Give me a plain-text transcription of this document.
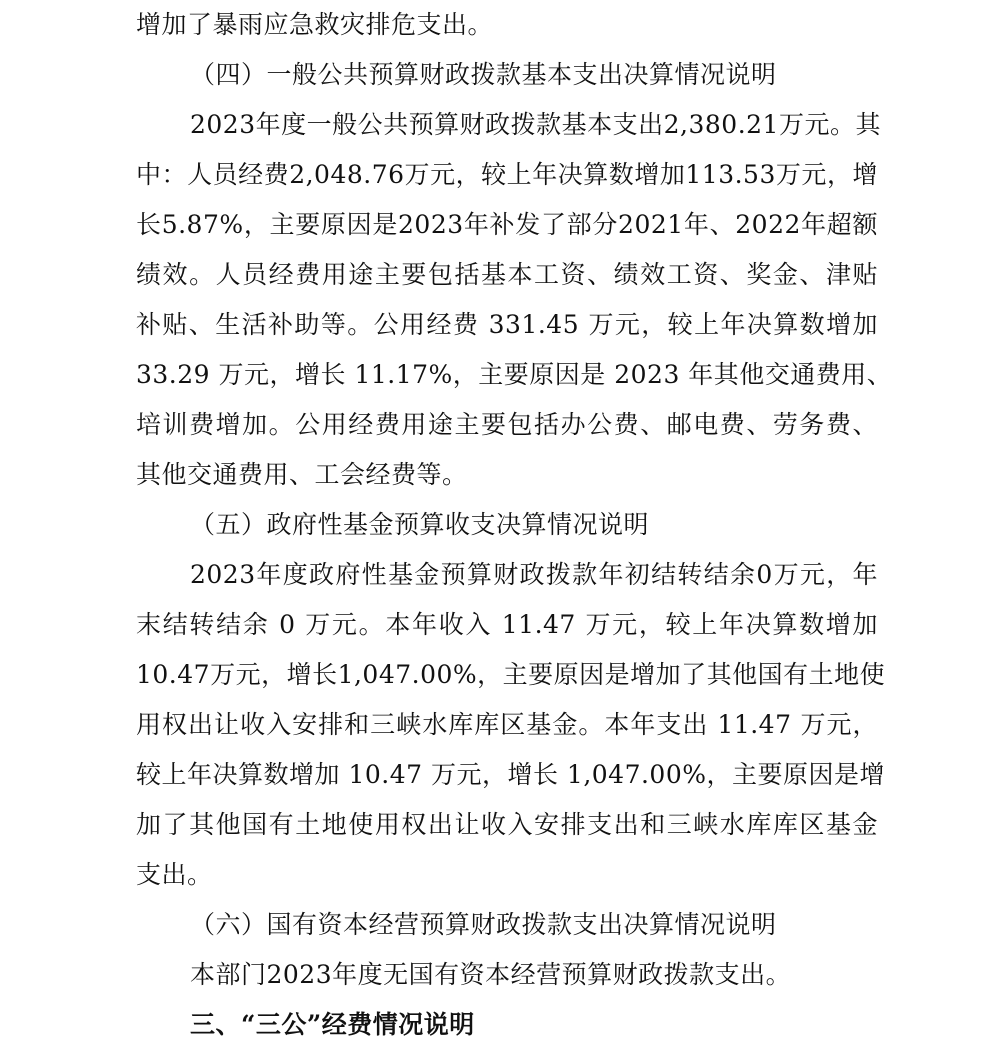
增加了暴雨应急救灾排危支出。
（四）一般公共预算财政拨款基本支出决算情况说明
2023年度一般公共预算财政拨款基本支出2,380.21万元。其
中：人员经费2,048.76万元，较上年决算数增加113.53万元，增
长5.87%，主要原因是2023年补发了部分2021年、2022年超额
绩效。人员经费用途主要包括基本工资、绩效工资、奖金、津贴
补贴、生活补助等。公用经费 331.45 万元，较上年决算数增加
33.29 万元，增长 11.17%，主要原因是 2023 年其他交通费用、
培训费增加。公用经费用途主要包括办公费、邮电费、劳务费、
其他交通费用、工会经费等。
（五）政府性基金预算收支决算情况说明
2023年度政府性基金预算财政拨款年初结转结余0万元，年
末结转结余 0 万元。本年收入 11.47 万元，较上年决算数增加
10.47万元，增长1,047.00%，主要原因是增加了其他国有土地使
用权出让收入安排和三峡水库库区基金。本年支出 11.47 万元，
较上年决算数增加 10.47 万元，增长 1,047.00%，主要原因是增
加了其他国有土地使用权出让收入安排支出和三峡水库库区基金
支出。
（六）国有资本经营预算财政拨款支出决算情况说明
本部门2023年度无国有资本经营预算财政拨款支出。
三、“三公”经费情况说明
